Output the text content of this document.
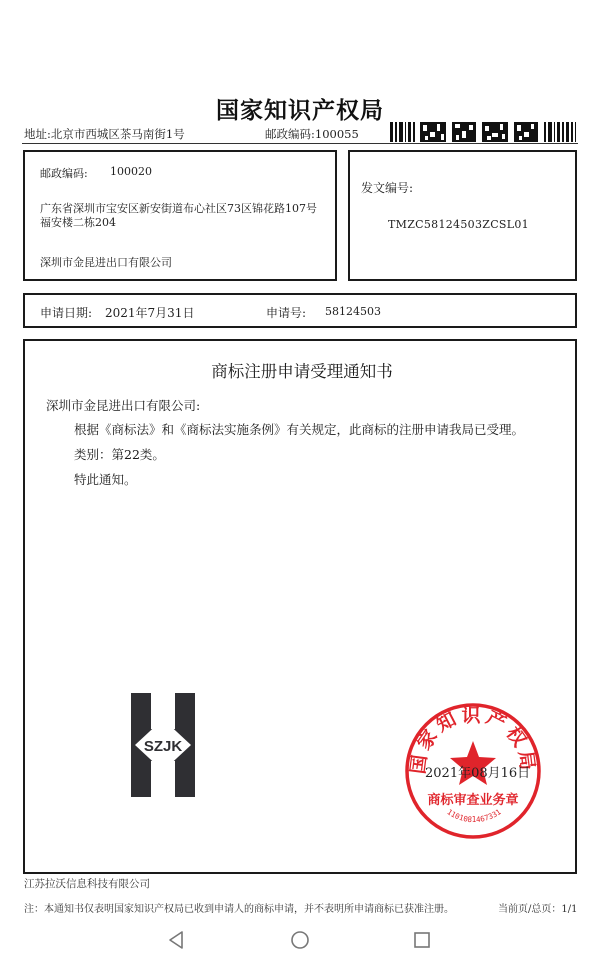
国家知识产权局
地址:北京市西城区茶马南街1号	邮政编码:100055
邮政编码: 100020
广东省深圳市宝安区新安街道布心社区73区锦花路107号
福安楼二栋204
深圳市金昆进出口有限公司
发文编号:
TMZC58124503ZCSL01
申请日期: 2021年7月31日	申请号: 58124503
商标注册申请受理通知书
深圳市金昆进出口有限公司:
根据《商标法》和《商标法实施条例》有关规定，此商标的注册申请我局已受理。
类别：第22类。
特此通知。
SZJK
国家知识产权局
商标审查业务章
1101081467331
2021年08月16日
江苏拉沃信息科技有限公司
注：本通知书仅表明国家知识产权局已收到申请人的商标申请，并不表明所申请商标已获准注册。	当前页/总页：1/1
